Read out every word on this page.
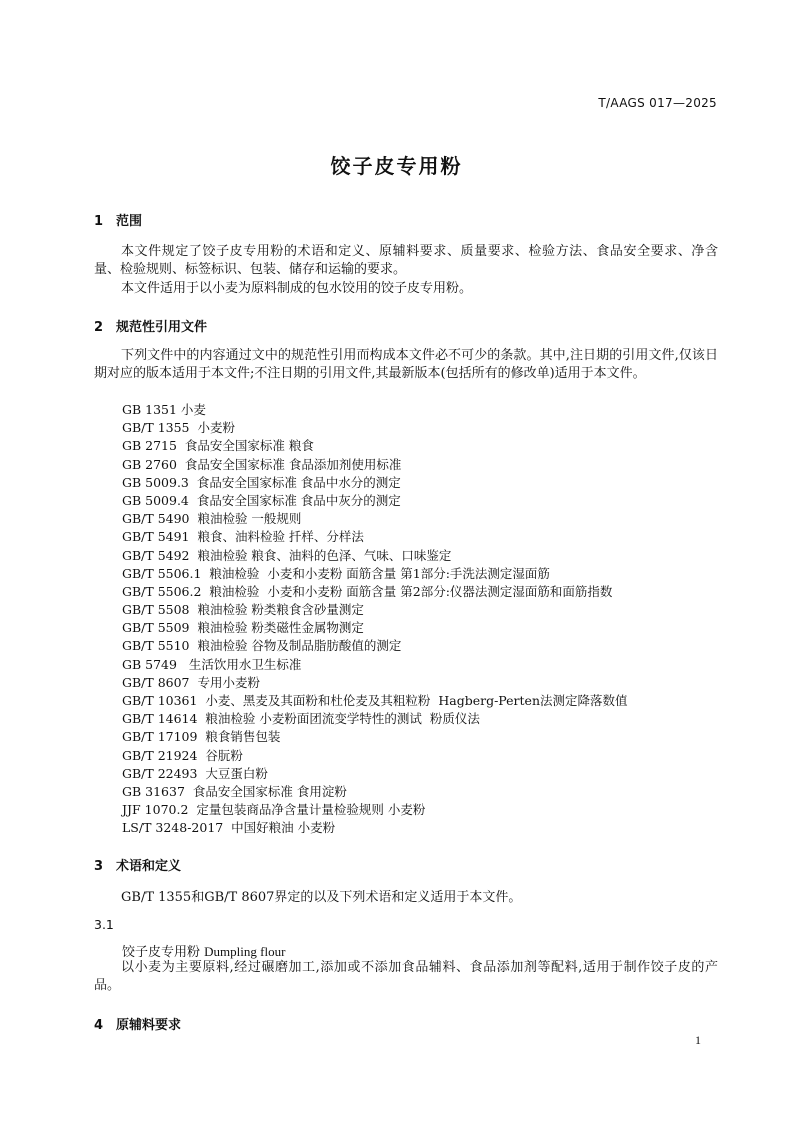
T/AAGS 017—2025
饺子皮专用粉
1 范围
本文件规定了饺子皮专用粉的术语和定义、原辅料要求、质量要求、检验方法、食品安全要求、净含量、检验规则、标签标识、包装、储存和运输的要求。
本文件适用于以小麦为原料制成的包水饺用的饺子皮专用粉。
2 规范性引用文件
下列文件中的内容通过文中的规范性引用而构成本文件必不可少的条款。其中,注日期的引用文件,仅该日期对应的版本适用于本文件;不注日期的引用文件,其最新版本(包括所有的修改单)适用于本文件。
GB 1351 小麦
GB/T 1355  小麦粉
GB 2715  食品安全国家标准 粮食
GB 2760  食品安全国家标准 食品添加剂使用标准
GB 5009.3  食品安全国家标准 食品中水分的测定
GB 5009.4  食品安全国家标准 食品中灰分的测定
GB/T 5490  粮油检验 一般规则
GB/T 5491  粮食、油料检验 扦样、分样法
GB/T 5492  粮油检验 粮食、油料的色泽、气味、口味鉴定
GB/T 5506.1  粮油检验  小麦和小麦粉 面筋含量 第1部分:手洗法测定湿面筋
GB/T 5506.2  粮油检验  小麦和小麦粉 面筋含量 第2部分:仪器法测定湿面筋和面筋指数
GB/T 5508  粮油检验 粉类粮食含砂量测定
GB/T 5509  粮油检验 粉类磁性金属物测定
GB/T 5510  粮油检验 谷物及制品脂肪酸值的测定
GB 5749   生活饮用水卫生标准
GB/T 8607  专用小麦粉
GB/T 10361  小麦、黑麦及其面粉和杜伦麦及其粗粒粉  Hagberg-Perten法测定降落数值
GB/T 14614  粮油检验 小麦粉面团流变学特性的测试  粉质仪法
GB/T 17109  粮食销售包装
GB/T 21924  谷朊粉
GB/T 22493  大豆蛋白粉
GB 31637  食品安全国家标准 食用淀粉
JJF 1070.2  定量包装商品净含量计量检验规则 小麦粉
LS/T 3248-2017  中国好粮油 小麦粉
3 术语和定义
GB/T 1355和GB/T 8607界定的以及下列术语和定义适用于本文件。
3.1
饺子皮专用粉 Dumpling flour
以小麦为主要原料,经过碾磨加工,添加或不添加食品辅料、食品添加剂等配料,适用于制作饺子皮的产品。
4 原辅料要求
1
